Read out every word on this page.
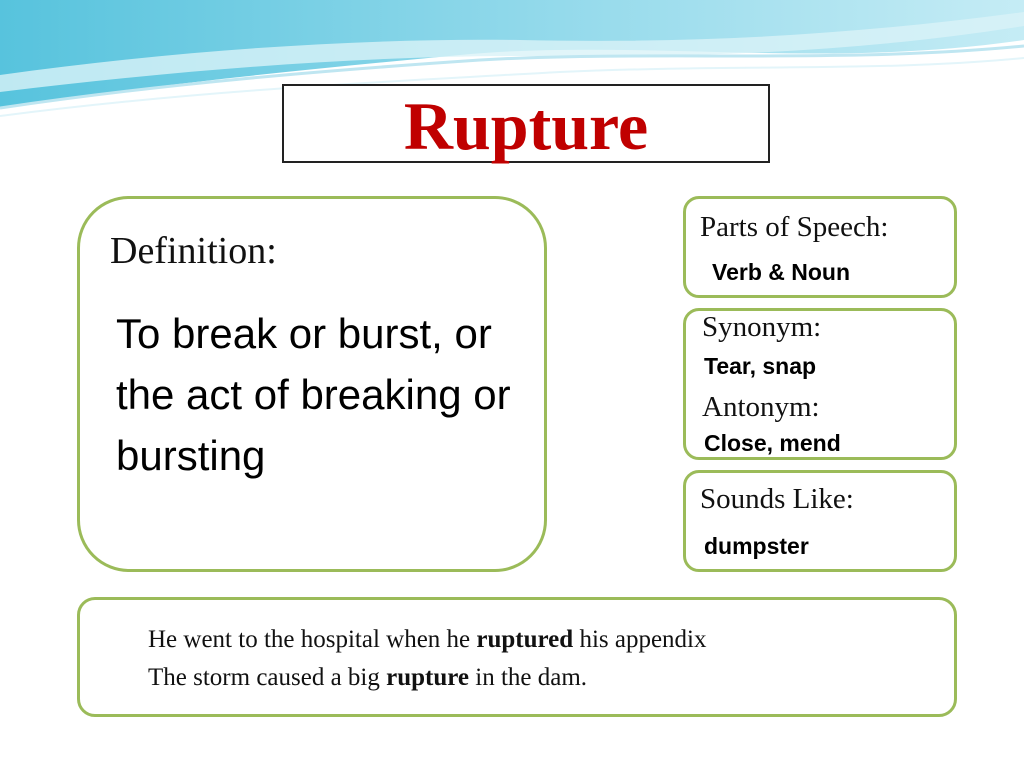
Rupture
Definition:
To break or burst, or the act of breaking or bursting
Parts of Speech:
Verb & Noun
Synonym:
Tear, snap
Antonym:
Close, mend
Sounds Like:
dumpster
He went to the hospital when he ruptured his appendix
The storm caused a big rupture in the dam.
